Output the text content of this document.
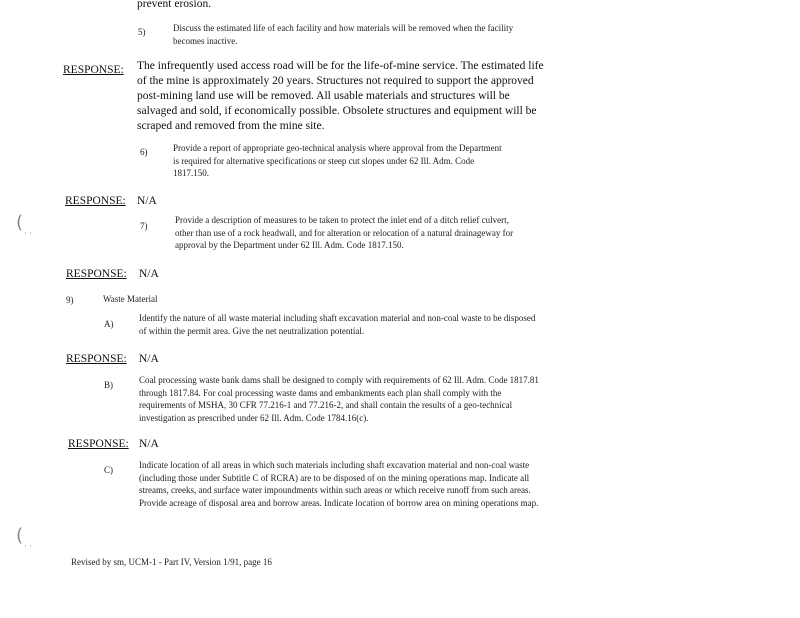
prevent erosion.
5)	Discuss the estimated life of each facility and how materials will be removed when the facility becomes inactive.
RESPONSE: The infrequently used access road will be for the life-of-mine service. The estimated life of the mine is approximately 20 years. Structures not required to support the approved post-mining land use will be removed. All usable materials and structures will be salvaged and sold, if economically possible. Obsolete structures and equipment will be scraped and removed from the mine site.
6)	Provide a report of appropriate geo-technical analysis where approval from the Department is required for alternative specifications or steep cut slopes under 62 Ill. Adm. Code 1817.150.
RESPONSE: N/A
7)
Provide a description of measures to be taken to protect the inlet end of a ditch relief culvert, other than use of a rock headwall, and for alteration or relocation of a natural drainageway for approval by the Department under 62 Ill. Adm. Code 1817.150.
RESPONSE: N/A
9)	Waste Material
A)
Identify the nature of all waste material including shaft excavation material and non-coal waste to be disposed of within the permit area. Give the net neutralization potential.
RESPONSE: N/A
B)	Coal processing waste bank dams shall be designed to comply with requirements of 62 Ill. Adm. Code 1817.81 through 1817.84. For coal processing waste dams and embankments each plan shall comply with the requirements of MSHA, 30 CFR 77.216-1 and 77.216-2, and shall contain the results of a geo-technical investigation as prescribed under 62 Ill. Adm. Code 1784.16(c).
RESPONSE: N/A
C)	Indicate location of all areas in which such materials including shaft excavation material and non-coal waste (including those under Subtitle C of RCRA) are to be disposed of on the mining operations map. Indicate all streams, creeks, and surface water impoundments within such areas or which receive runoff from such areas. Provide acreage of disposal area and borrow areas. Indicate location of borrow area on mining operations map.
Revised by sm, UCM-1 - Part IV, Version 1/91, page 16
(
· ·
(
· ·
